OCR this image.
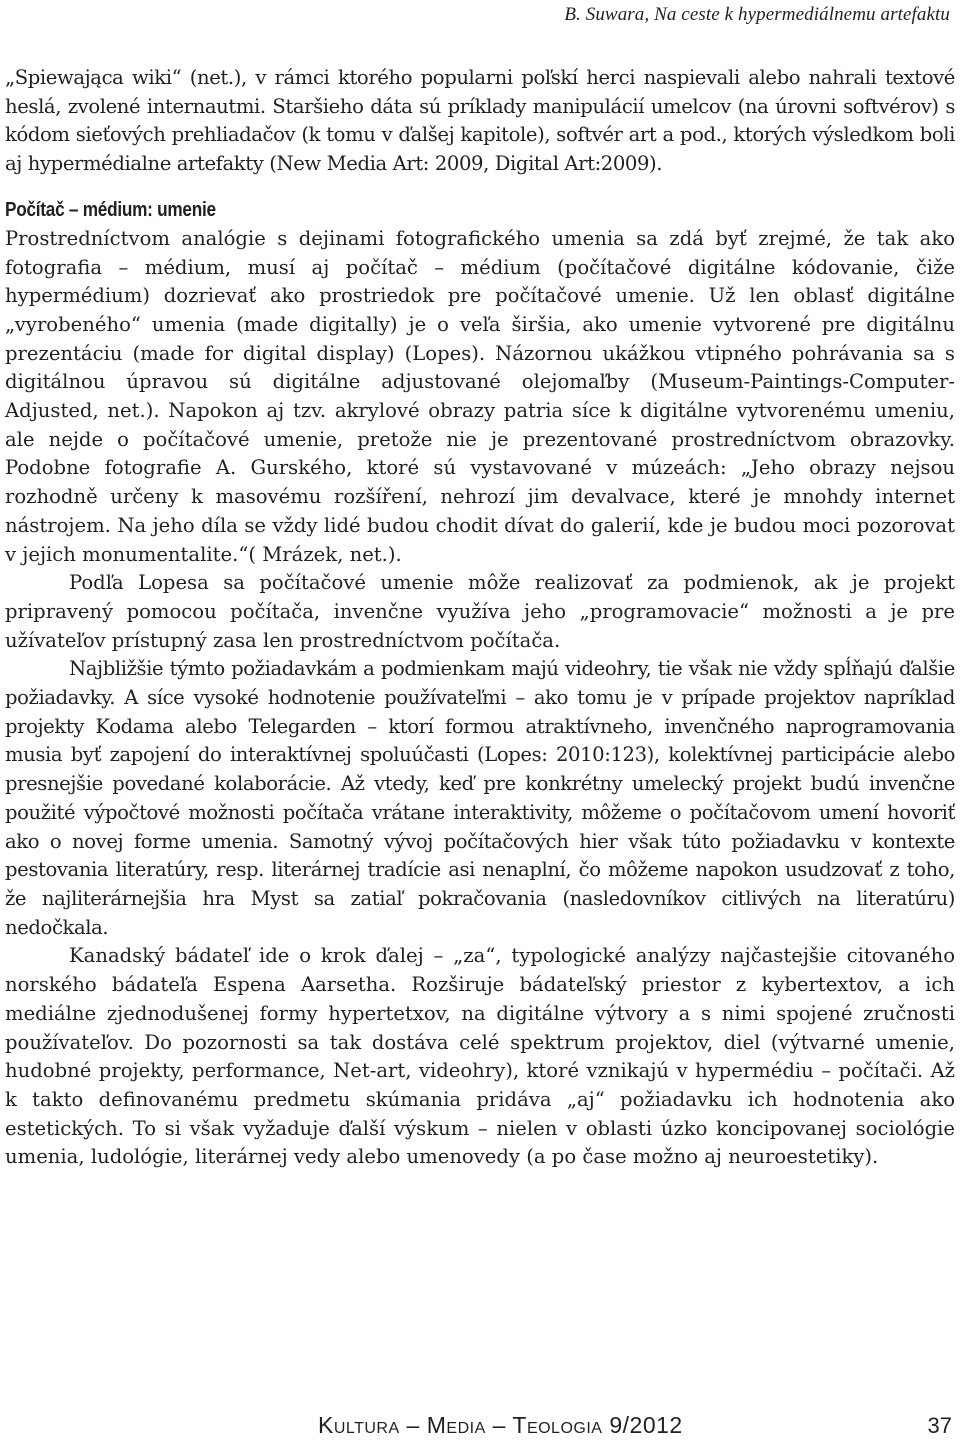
B. Suwara, Na ceste k hypermediálnemu artefaktu

„Spiewająca wiki“ (net.), v rámci ktorého popularni poľskí herci naspievali alebo nahrali textové heslá, zvolené internautmi. Staršieho dáta sú príklady manipulácií umelcov (na úrovni softvérov) s kódom sieťových prehliadačov (k tomu v ďalšej kapitole), softvér art a pod., ktorých výsledkom boli aj hypermédialne artefakty (New Media Art: 2009, Digital Art:2009).

Počítač – médium: umenie

Prostredníctvom analógie s dejinami fotografického umenia sa zdá byť zrejmé, že tak ako fotografia – médium, musí aj počítač – médium (počítačové digitálne kódovanie, čiže hypermédium) dozrievať ako prostriedok pre počítačové umenie. Už len oblasť digitálne „vyrobeného“ umenia (made digitally) je o veľa širšia, ako umenie vytvorené pre digitálnu prezentáciu (made for digital display) (Lopes). Názornou ukážkou vtipného pohrávania sa s digitálnou úpravou sú digitálne adjustované olejomaľby (Museum-Paintings-Computer-Adjusted, net.). Napokon aj tzv. akrylové obrazy patria síce k digitálne vytvorenému umeniu, ale nejde o počítačové umenie, pretože nie je prezentované prostredníctvom obrazovky. Podobne fotografie A. Gurského, ktoré sú vystavované v múzeách: „Jeho obrazy nejsou rozhodně určeny k masovému rozšíření, nehrozí jim devalvace, které je mnohdy internet nástrojem. Na jeho díla se vždy lidé budou chodit dívat do galerií, kde je budou moci pozorovat v jejich monumentalite.“( Mrázek, net.).

Podľa Lopesa sa počítačové umenie môže realizovať za podmienok, ak je projekt pripravený pomocou počítača, invenčne využíva jeho „programovacie“ možnosti a je pre užívateľov prístupný zasa len prostredníctvom počítača.

Najbližšie týmto požiadavkám a podmienkam majú videohry, tie však nie vždy spĺňajú ďalšie požiadavky. A síce vysoké hodnotenie používateľmi – ako tomu je v prípade projektov napríklad projekty Kodama alebo Telegarden – ktorí formou atraktívneho, invenčného naprogramovania musia byť zapojení do interaktívnej spoluúčasti (Lopes: 2010:123), kolektívnej participácie alebo presnejšie povedané kolaborácie. Až vtedy, keď pre konkrétny umelecký projekt budú invenčne použité výpočtové možnosti počítača vrátane interaktivity, môžeme o počítačovom umení hovoriť ako o novej forme umenia. Samotný vývoj počítačových hier však túto požiadavku v kontexte pestovania literatúry, resp. literárnej tradície asi nenaplní, čo môžeme napokon usudzovať z toho, že najliterárnejšia hra Myst sa zatiaľ pokračovania (nasledovníkov citlivých na literatúru) nedočkala.

Kanadský bádateľ ide o krok ďalej – „za“, typologické analýzy najčastejšie citovaného norského bádateľa Espena Aarsetha. Rozširuje bádateľský priestor z kybertextov, a ich mediálne zjednodušenej formy hypertetxov, na digitálne výtvory a s nimi spojené zručnosti používateľov. Do pozornosti sa tak dostáva celé spektrum projektov, diel (výtvarné umenie, hudobné projekty, performance, Net-art, videohry), ktoré vznikajú v hypermédiu – počítači. Až k takto definovanému predmetu skúmania pridáva „aj“ požiadavku ich hodnotenia ako estetických. To si však vyžaduje ďalší výskum – nielen v oblasti úzko koncipovanej sociológie umenia, ludológie, literárnej vedy alebo umenovedy (a po čase možno aj neuroestetiky).

Kultura – Media – Teologia 9/2012	37
